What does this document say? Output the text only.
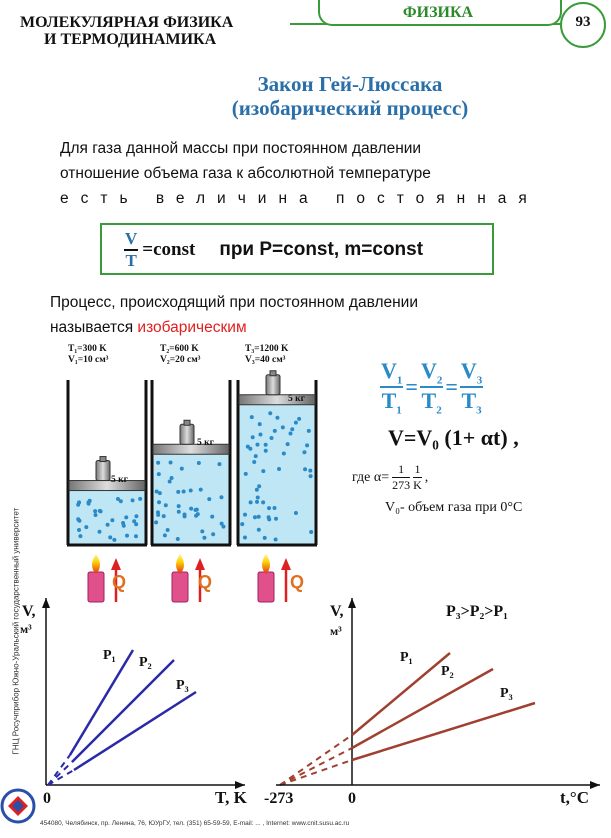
ФИЗИКА
93
МОЛЕКУЛЯРНАЯ ФИЗИКА
И ТЕРМОДИНАМИКА
Закон Гей-Люссака
(изобарический процесс)
Для газа данной массы при постоянном давлении
отношение объема газа к абсолютной температуре
есть величина постоянная
$\frac{V}{T}$ =const при P=const, m=const
Процесс, происходящий при постоянном давлении
называется изобарическим
T₁=300 K
V₁=10 см³
T₂=600 K
V₂=20 см³
T₃=1200 K
V₃=40 см³
5 кг
5 кг
5 кг
Q	Q	Q
$\frac{V_1}{T_1} = \frac{V_2}{T_2} = \frac{V_3}{T_3}$
V=V₀ (1+ αt) ,
где $\alpha= \frac{1}{273} \frac{1}{K}$ ,
V₀- объем газа при 0°C
V,
м³
T, K
0
P₁ P₂
P₃
V,
м³
P₃>P₂>P₁
t,°C
-273	0
P₁
P₂
P₃
ГНЦ Росучприбор Южно-Уральский государственный университет
454080, Челябинск, пр. Ленина, 76, ЮУрГУ, тел. (351) 65-59-59, E-mail: ... , Internet: www.cnit.susu.ac.ru
